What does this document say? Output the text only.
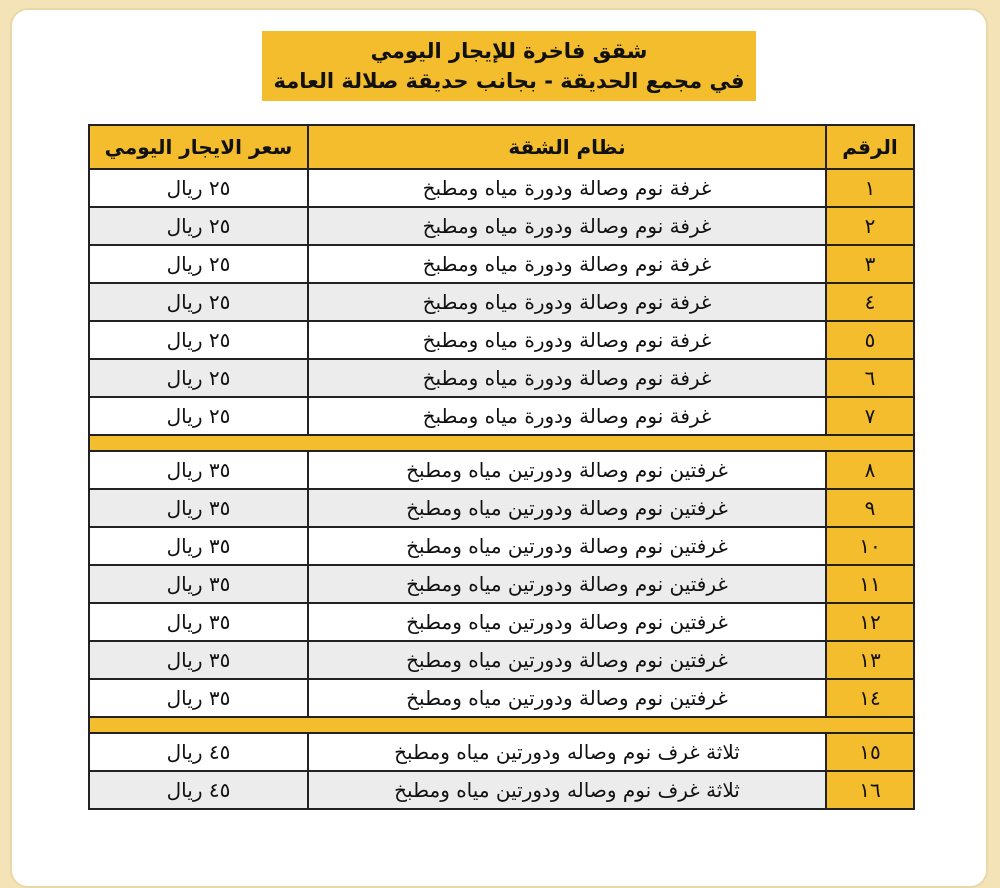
شقق فاخرة للإيجار اليومي
في مجمع الحديقة - بجانب حديقة صلالة العامة
الرقم	نظام الشقة	سعر الايجار اليومي
١	غرفة نوم وصالة ودورة مياه ومطبخ	٢٥ ريال
٢	غرفة نوم وصالة ودورة مياه ومطبخ	٢٥ ريال
٣	غرفة نوم وصالة ودورة مياه ومطبخ	٢٥ ريال
٤	غرفة نوم وصالة ودورة مياه ومطبخ	٢٥ ريال
٥	غرفة نوم وصالة ودورة مياه ومطبخ	٢٥ ريال
٦	غرفة نوم وصالة ودورة مياه ومطبخ	٢٥ ريال
٧	غرفة نوم وصالة ودورة مياه ومطبخ	٢٥ ريال

٨	غرفتين نوم وصالة ودورتين مياه ومطبخ	٣٥ ريال
٩	غرفتين نوم وصالة ودورتين مياه ومطبخ	٣٥ ريال
١٠	غرفتين نوم وصالة ودورتين مياه ومطبخ	٣٥ ريال
١١	غرفتين نوم وصالة ودورتين مياه ومطبخ	٣٥ ريال
١٢	غرفتين نوم وصالة ودورتين مياه ومطبخ	٣٥ ريال
١٣	غرفتين نوم وصالة ودورتين مياه ومطبخ	٣٥ ريال
١٤	غرفتين نوم وصالة ودورتين مياه ومطبخ	٣٥ ريال

١٥	ثلاثة غرف نوم وصاله ودورتين مياه ومطبخ	٤٥ ريال
١٦	ثلاثة غرف نوم وصاله ودورتين مياه ومطبخ	٤٥ ريال
